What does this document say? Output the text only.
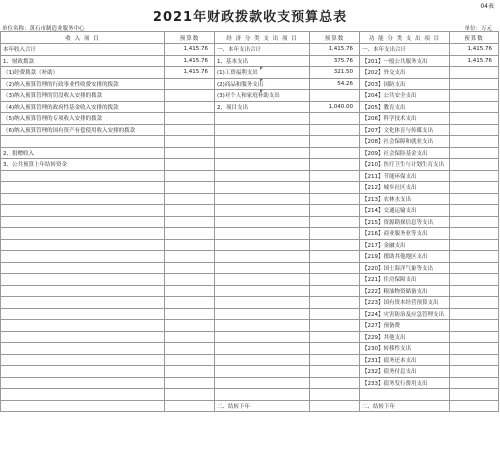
04表
2021年财政拨款收支预算总表
单位名称：黄石市制造业服务中心	单位：万元
收 入 项 目	预算数	经 济 分 类 支 出 项 目	预算数	功 能 分 类 支 出 项 目	预算数
本年收入合计	1,415.76	一、本年支出合计	1,415.76	一、本年支出合计	1,415.76
1、财政拨款	1,415.76	1、基本支出	375.76	【201】一般公共服务支出	1,415.76
（1)经费拨款（补助）	1,415.76	(1)工资福利支出	321.50	【202】外交支出	
（2)纳入预算管理的行政事业性收费安排的拨款		(2)商品和服务支出	54.26	【203】国防支出	
（3)纳入预算管理的罚没收入安排的拨款		(3)对个人和家庭补助支出		【204】公共安全支出	
（4)纳入预算管理的政府性基金收入安排的拨款		2、项目支出	1,040.00	【205】教育支出	
（5)纳入预算管理的专项收入安排的拨款				【206】科学技术支出	
（6)纳入预算管理的国有资产有偿使用收入安排的拨款				【207】文化体育与传媒支出	
				【208】社会保障和就业支出	
2、捐赠收入				【209】社会保险基金支出	
3、公共预算上年结转资金				【210】医疗卫生与计划生育支出	
				【211】节能环保支出	
				【212】城乡社区支出	
				【213】农林水支出	
				【214】交通运输支出	
				【215】资源勘探信息等支出	
				【216】商业服务业等支出	
				【217】金融支出	
				【219】援助其他地区支出	
				【220】国土海洋气象等支出	
				【221】住房保障支出	
				【222】粮油物资储备支出	
				【223】国有资本经营预算支出	
				【224】灾害防治及应急管理支出	
				【227】预备费	
				【229】其他支出	
				【230】转移性支出	
				【231】债务还本支出	
				【232】债务付息支出	
				【233】债务发行费用支出	

		二、结转下年		二、结转下年	
